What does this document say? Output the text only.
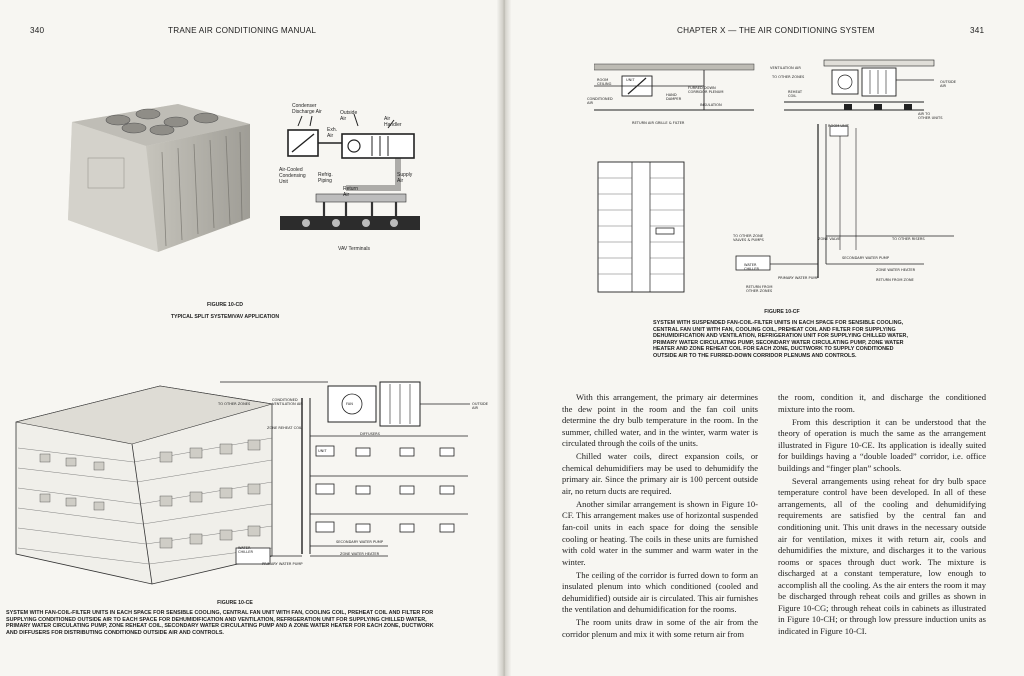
340	TRANE AIR CONDITIONING MANUAL	CHAPTER X — THE AIR CONDITIONING SYSTEM	341
Condenser
Discharge Air	Outside
Air
Exh.
Air
Air
Handler
Air-Cooled
Condensing
Unit
Refrig.
Piping
Supply
Air
Return
Air
VAV Terminals
FIGURE 10-CD
TYPICAL SPLIT SYSTEM/VAV APPLICATION
TO OTHER ZONES
CONDITIONED
VENTILATION AIR	FAN	OUTSIDE
AIR
ZONE REHEAT COIL
DIFFUSERS
UNIT
SECONDARY WATER PUMP
ZONE WATER HEATER
WATER
CHILLER
PRIMARY WATER PUMP
FIGURE 10-CE
SYSTEM WITH FAN-COIL-FILTER UNITS IN EACH SPACE FOR SENSIBLE COOLING, CENTRAL FAN UNIT WITH FAN, COOLING COIL, PREHEAT COIL AND FILTER FOR SUPPLYING CONDITIONED OUTSIDE AIR TO EACH SPACE FOR DEHUMIDIFICATION AND VENTILATION, REFRIGERATION UNIT FOR SUPPLYING CHILLED WATER, PRIMARY WATER CIRCULATING PUMP, ZONE REHEAT COIL, SECONDARY WATER CIRCULATING PUMP AND A ZONE WATER HEATER FOR EACH ZONE, DUCTWORK AND DIFFUSERS FOR DISTRIBUTING CONDITIONED OUTSIDE AIR AND CONTROLS.
VENTILATION AIR
TO OTHER ZONES
ROOM
CEILING
UNIT
FURRED DOWN
CORRIDOR PLENUM
HAND
DAMPER
CONDITIONED
AIR	INSULATION
RETURN AIR GRILLE & FILTER
REHEAT
COIL
OUTSIDE
AIR
ROOM UNIT
AIR TO
OTHER UNITS
TO OTHER ZONE
VALVES & PUMPS	ZONE VALVE	TO OTHER RISERS
SECONDARY WATER PUMP
WATER
CHILLER	ZONE WATER HEATER
RETURN FROM ZONE
PRIMARY WATER PUMP
RETURN FROM
OTHER ZONES
FIGURE 10-CF
SYSTEM WITH SUSPENDED FAN-COIL-FILTER UNITS IN EACH SPACE FOR SENSIBLE COOLING, CENTRAL FAN UNIT WITH FAN, COOLING COIL, PREHEAT COIL AND FILTER FOR SUPPLYING DEHUMIDIFICATION AND VENTILATION, REFRIGERATION UNIT FOR SUPPLYING CHILLED WATER, PRIMARY WATER CIRCULATING PUMP, SECONDARY WATER CIRCULATING PUMP, ZONE WATER HEATER AND ZONE REHEAT COIL FOR EACH ZONE, DUCTWORK TO SUPPLY CONDITIONED OUTSIDE AIR TO THE FURRED-DOWN CORRIDOR PLENUMS AND CONTROLS.

With this arrangement, the primary air determines the dew point in the room and the fan coil units determine the dry bulb temperature in the room. In the summer, chilled water, and in the winter, warm water is circulated through the coils of the units.

Chilled water coils, direct expansion coils, or chemical dehumidifiers may be used to dehumidify the primary air. Since the primary air is 100 percent outside air, no return ducts are required.

Another similar arrangement is shown in Figure 10-CF. This arrangement makes use of horizontal suspended fan-coil units in each space for doing the sensible cooling or heating. The coils in these units are furnished with cold water in the summer and warm water in the winter.

The ceiling of the corridor is furred down to form an insulated plenum into which conditioned (cooled and dehumidified) outside air is circulated. This air furnishes the ventilation and dehumidification for the rooms.

The room units draw in some of the air from the corridor plenum and mix it with some return air from

the room, condition it, and discharge the conditioned mixture into the room.

From this description it can be understood that the theory of operation is much the same as the arrangement illustrated in Figure 10-CE. Its application is ideally suited for buildings having a “double loaded” corridor, i.e. office buildings and “finger plan” schools.

Several arrangements using reheat for dry bulb space temperature control have been developed. In all of these arrangements, all of the cooling and dehumidifying requirements are satisfied by the central fan and conditioning unit. This unit draws in the necessary outside air for ventilation, mixes it with return air, cools and dehumidifies the mixture, and discharges it to the various rooms or spaces through duct work. The mixture is discharged at a constant temperature, low enough to accomplish all the cooling. As the air enters the room it may be discharged through reheat coils and grilles as shown in Figure 10-CG; through reheat coils in cabinets as illustrated in Figure 10-CH; or through low pressure induction units as indicated in Figure 10-CI.
